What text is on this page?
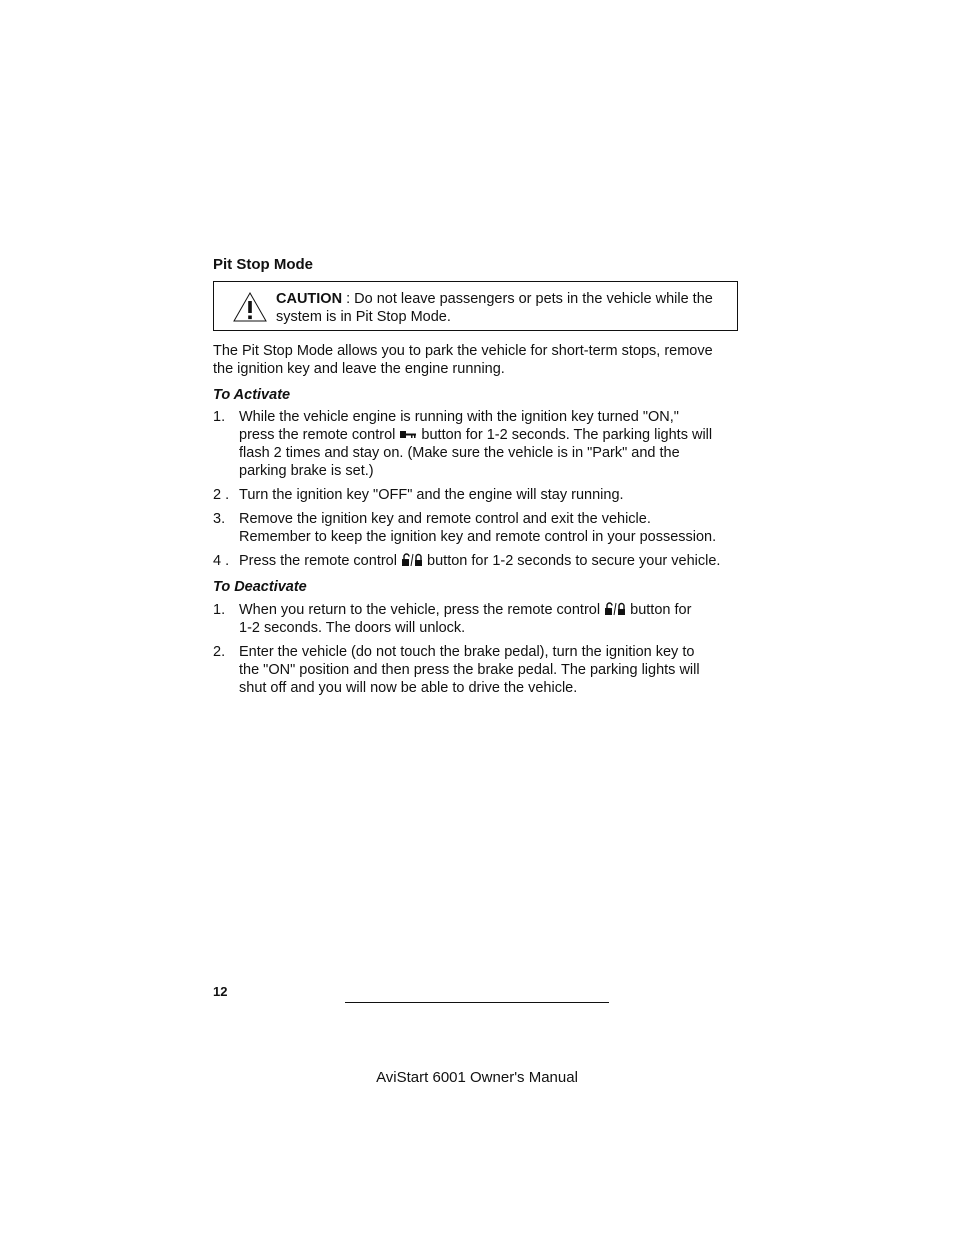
Pit Stop Mode
CAUTION : Do not leave passengers or pets in the vehicle while the
system is in Pit Stop Mode.
The Pit Stop Mode allows you to park the vehicle for short-term stops, remove
the ignition key and leave the engine running.
To Activate
1. While the vehicle engine is running with the ignition key turned "ON,"
press the remote control button for 1-2 seconds. The parking lights will
flash 2 times and stay on. (Make sure the vehicle is in "Park" and the
parking brake is set.)
2 . Turn the ignition key "OFF" and the engine will stay running.
3. Remove the ignition key and remote control and exit the vehicle.
Remember to keep the ignition key and remote control in your possession.
4 . Press the remote control button for 1-2 seconds to secure your vehicle.
To Deactivate
1. When you return to the vehicle, press the remote control button for
1-2 seconds. The doors will unlock.
2. Enter the vehicle (do not touch the brake pedal), turn the ignition key to
the "ON" position and then press the brake pedal. The parking lights will
shut off and you will now be able to drive the vehicle.
12
AviStart 6001 Owner's Manual
